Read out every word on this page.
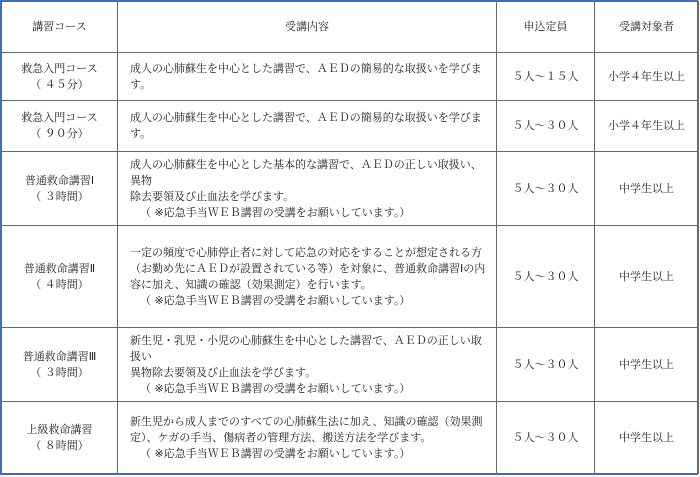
講習コース	受講内容	申込定員	受講対象者

救急入門コース
（ ４５分）	成人の心肺蘇生を中心とした講習で、ＡＥＤの簡易的な取扱いを学びます。	５人～１５人	小学４年生以上

救急入門コース
（ ９０分）	成人の心肺蘇生を中心とした講習で、ＡＥＤの簡易的な取扱いを学びます。	５人～３０人	小学４年生以上

普通救命講習Ⅰ
（ ３時間）	成人の心肺蘇生を中心とした基本的な講習で、ＡＥＤの正しい取扱い、異物
除去要領及び止血法を学びます。
（ ※応急手当ＷＥＢ講習の受講をお願いしています。）	５人～３０人	中学生以上

普通救命講習Ⅱ
（ ４時間）	一定の頻度で心肺停止者に対して応急の対応をすることが想定される方
（お勤め先にＡＥＤが設置されている等）を対象に、普通救命講習Ⅰの内
容に加え、知識の確認（効果測定）を行います。
（ ※応急手当ＷＥＢ講習の受講をお願いしています。）	５人～３０人	中学生以上

普通救命講習Ⅲ
（ ３時間）	新生児・乳児・小児の心肺蘇生を中心とした講習で、ＡＥＤの正しい取扱い
異物除去要領及び止血法を学びます。
（ ※応急手当ＷＥＢ講習の受講をお願いしています。）	５人～３０人	中学生以上

上級救命講習
（ ８時間）	新生児から成人までのすべての心肺蘇生法に加え、知識の確認（効果測
定）、ケガの手当、傷病者の管理方法、搬送方法を学びます。
（ ※応急手当ＷＥＢ講習の受講をお願いしています。）	５人～３０人	中学生以上
